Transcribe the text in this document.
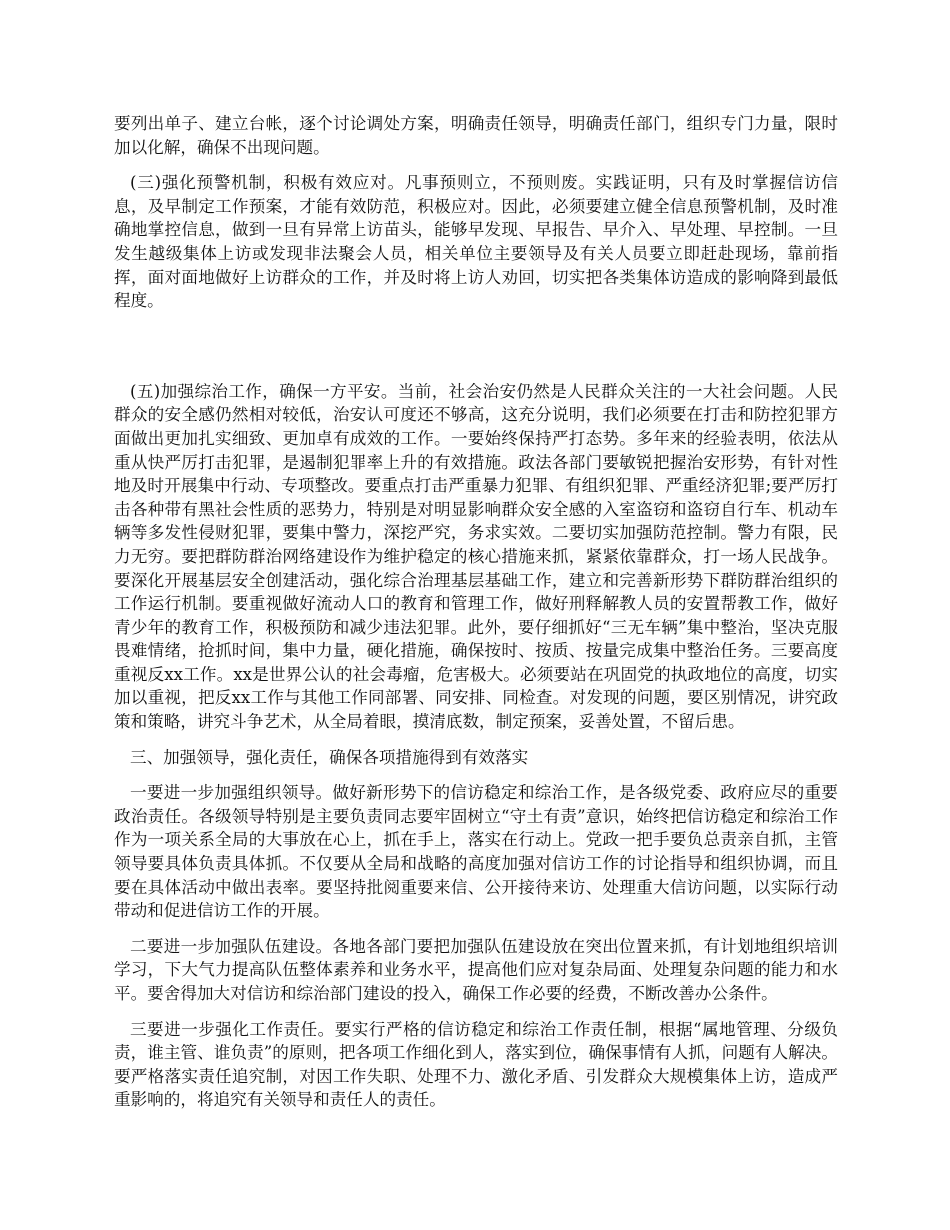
要列出单子、建立台帐，逐个讨论调处方案，明确责任领导，明确责任部门，组织专门力量，限时加以化解，确保不出现问题。

(三)强化预警机制，积极有效应对。凡事预则立，不预则废。实践证明，只有及时掌握信访信息，及早制定工作预案，才能有效防范，积极应对。因此，必须要建立健全信息预警机制，及时准确地掌控信息，做到一旦有异常上访苗头，能够早发现、早报告、早介入、早处理、早控制。一旦发生越级集体上访或发现非法聚会人员，相关单位主要领导及有关人员要立即赶赴现场，靠前指挥，面对面地做好上访群众的工作，并及时将上访人劝回，切实把各类集体访造成的影响降到最低程度。

(五)加强综治工作，确保一方平安。当前，社会治安仍然是人民群众关注的一大社会问题。人民群众的安全感仍然相对较低，治安认可度还不够高，这充分说明，我们必须要在打击和防控犯罪方面做出更加扎实细致、更加卓有成效的工作。一要始终保持严打态势。多年来的经验表明，依法从重从快严厉打击犯罪，是遏制犯罪率上升的有效措施。政法各部门要敏锐把握治安形势，有针对性地及时开展集中行动、专项整改。要重点打击严重暴力犯罪、有组织犯罪、严重经济犯罪;要严厉打击各种带有黑社会性质的恶势力，特别是对明显影响群众安全感的入室盗窃和盗窃自行车、机动车辆等多发性侵财犯罪，要集中警力，深挖严究，务求实效。二要切实加强防范控制。警力有限，民力无穷。要把群防群治网络建设作为维护稳定的核心措施来抓，紧紧依靠群众，打一场人民战争。要深化开展基层安全创建活动，强化综合治理基层基础工作，建立和完善新形势下群防群治组织的工作运行机制。要重视做好流动人口的教育和管理工作，做好刑释解教人员的安置帮教工作，做好青少年的教育工作，积极预防和减少违法犯罪。此外，要仔细抓好“三无车辆”集中整治，坚决克服畏难情绪，抢抓时间，集中力量，硬化措施，确保按时、按质、按量完成集中整治任务。三要高度重视反xx工作。xx是世界公认的社会毒瘤，危害极大。必须要站在巩固党的执政地位的高度，切实加以重视，把反xx工作与其他工作同部署、同安排、同检查。对发现的问题，要区别情况，讲究政策和策略，讲究斗争艺术，从全局着眼，摸清底数，制定预案，妥善处置，不留后患。

三、加强领导，强化责任，确保各项措施得到有效落实

一要进一步加强组织领导。做好新形势下的信访稳定和综治工作，是各级党委、政府应尽的重要政治责任。各级领导特别是主要负责同志要牢固树立“守土有责”意识，始终把信访稳定和综治工作作为一项关系全局的大事放在心上，抓在手上，落实在行动上。党政一把手要负总责亲自抓，主管领导要具体负责具体抓。不仅要从全局和战略的高度加强对信访工作的讨论指导和组织协调，而且要在具体活动中做出表率。要坚持批阅重要来信、公开接待来访、处理重大信访问题，以实际行动带动和促进信访工作的开展。

二要进一步加强队伍建设。各地各部门要把加强队伍建设放在突出位置来抓，有计划地组织培训学习，下大气力提高队伍整体素养和业务水平，提高他们应对复杂局面、处理复杂问题的能力和水平。要舍得加大对信访和综治部门建设的投入，确保工作必要的经费，不断改善办公条件。

三要进一步强化工作责任。要实行严格的信访稳定和综治工作责任制，根据“属地管理、分级负责，谁主管、谁负责”的原则，把各项工作细化到人，落实到位，确保事情有人抓，问题有人解决。要严格落实责任追究制，对因工作失职、处理不力、激化矛盾、引发群众大规模集体上访，造成严重影响的，将追究有关领导和责任人的责任。
